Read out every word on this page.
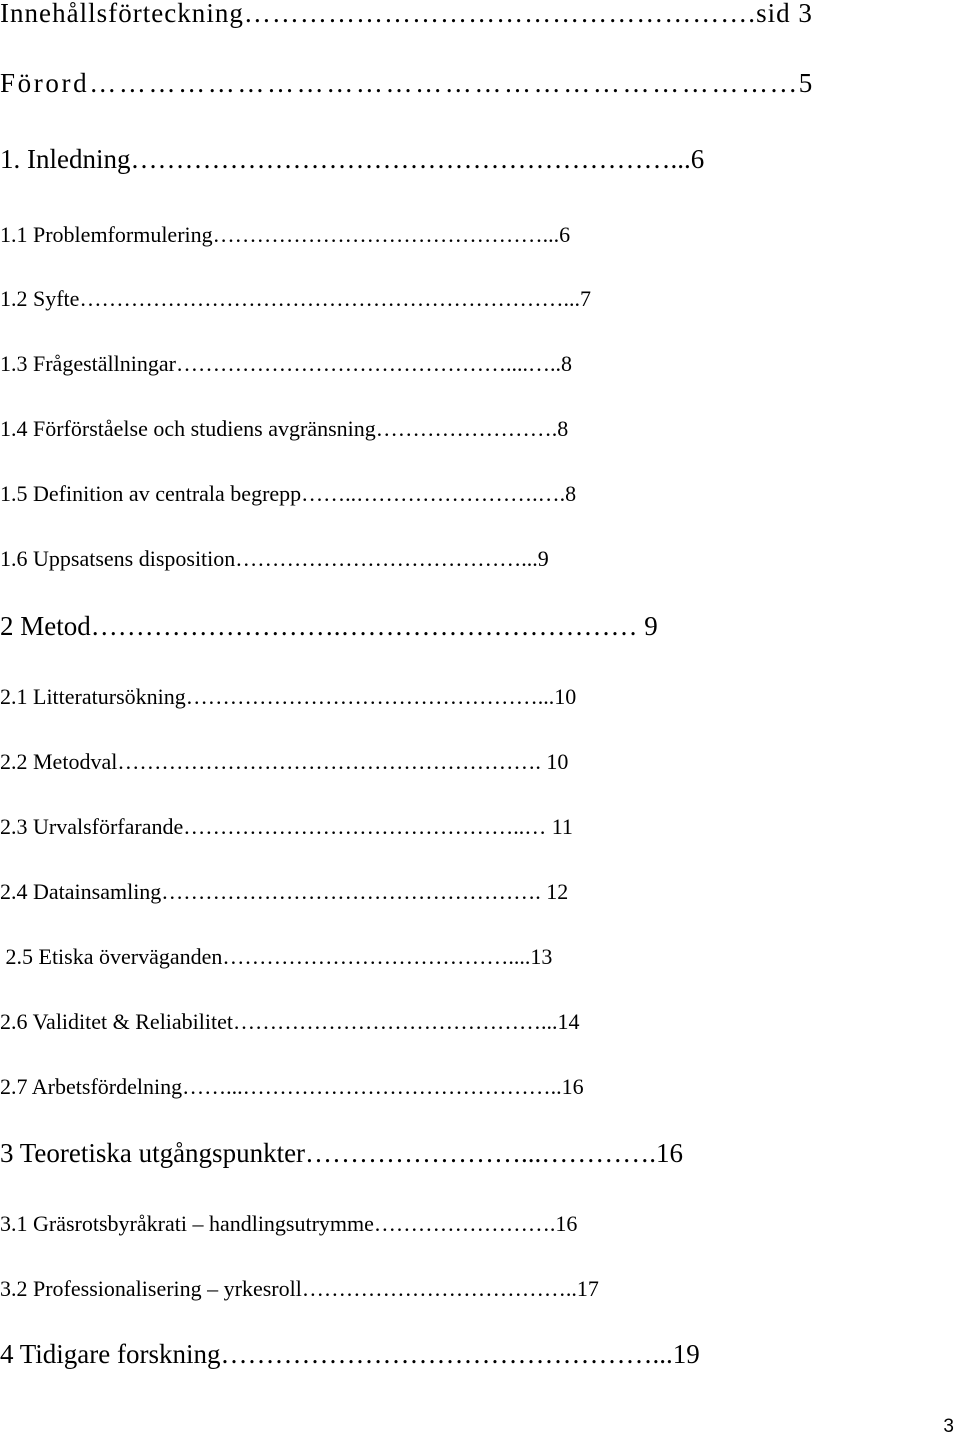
Innehållsförteckning……………………………………………….sid 3
Förord……………………………………………………………...5
1. Inledning……………………………………………………...6
1.1 Problemformulering………………………………………...6
1.2 Syfte…………………………………………………………...7
1.3 Frågeställningar………………………………………....…..8
1.4 Förförståelse och studiens avgränsning…………………….8
1.5 Definition av centrala begrepp……..…………………….….8
1.6 Uppsatsens disposition…………………………………...9
2 Metod……………………….…………………………… 9
2.1 Litteratursökning…………………………………………...10
2.2 Metodval…………………………………………………. 10
2.3 Urvalsförfarande………………………………………..… 11
2.4 Datainsamling……………………………………………. 12
2.5 Etiska överväganden…………………………………....13
2.6 Validitet & Reliabilitet……………………………………...14
2.7 Arbetsfördelning……...……………………………………..16
3 Teoretiska utgångspunkter……………………...………….16
3.1 Gräsrotsbyråkrati – handlingsutrymme…………………….16
3.2 Professionalisering – yrkesroll………………………………..17
4 Tidigare forskning…………………………………………...19
3
